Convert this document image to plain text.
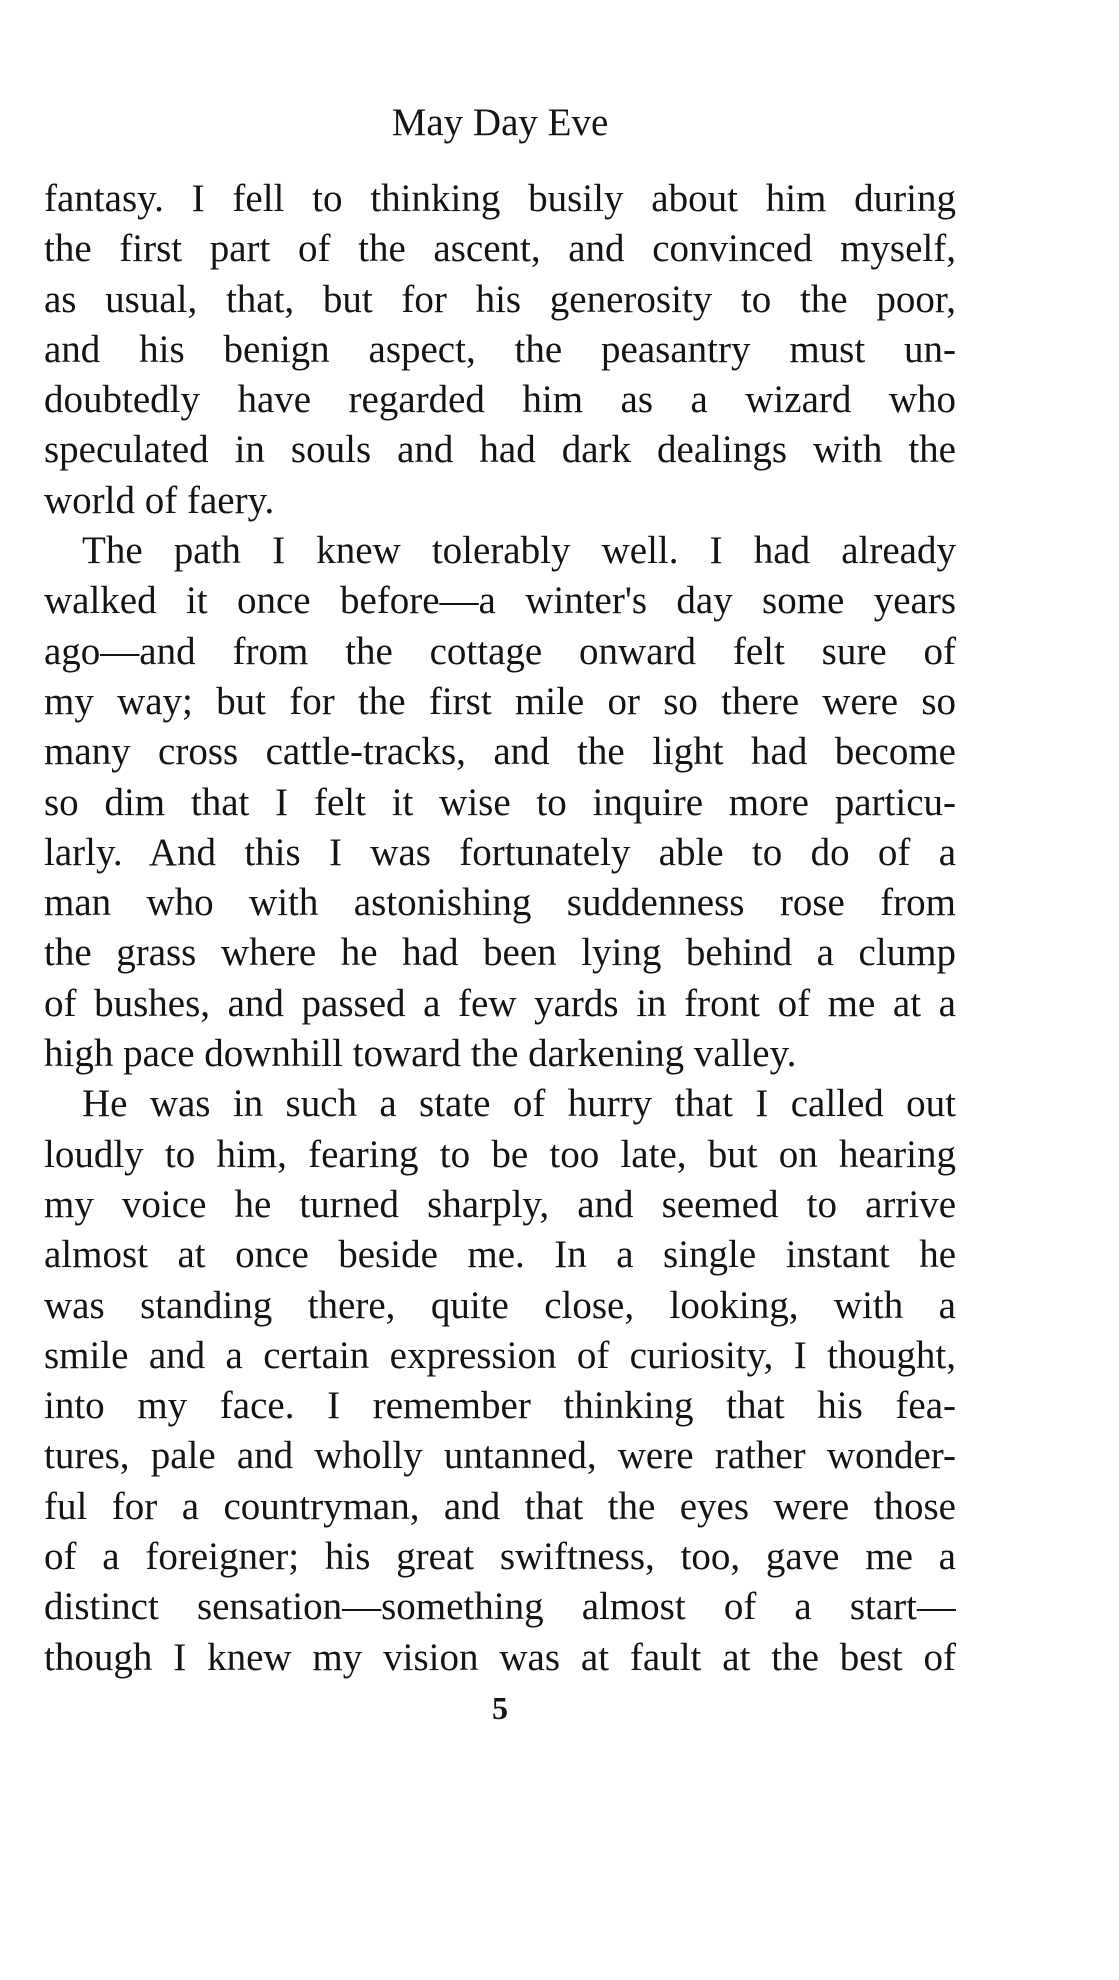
May Day Eve
fantasy. I fell to thinking busily about him during
the first part of the ascent, and convinced myself,
as usual, that, but for his generosity to the poor,
and his benign aspect, the peasantry must un-
doubtedly have regarded him as a wizard who
speculated in souls and had dark dealings with the
world of faery.
The path I knew tolerably well. I had already
walked it once before—a winter's day some years
ago—and from the cottage onward felt sure of
my way; but for the first mile or so there were so
many cross cattle-tracks, and the light had become
so dim that I felt it wise to inquire more particu-
larly. And this I was fortunately able to do of a
man who with astonishing suddenness rose from
the grass where he had been lying behind a clump
of bushes, and passed a few yards in front of me at a
high pace downhill toward the darkening valley.
He was in such a state of hurry that I called out
loudly to him, fearing to be too late, but on hearing
my voice he turned sharply, and seemed to arrive
almost at once beside me. In a single instant he
was standing there, quite close, looking, with a
smile and a certain expression of curiosity, I thought,
into my face. I remember thinking that his fea-
tures, pale and wholly untanned, were rather wonder-
ful for a countryman, and that the eyes were those
of a foreigner; his great swiftness, too, gave me a
distinct sensation—something almost of a start—
though I knew my vision was at fault at the best of
5
